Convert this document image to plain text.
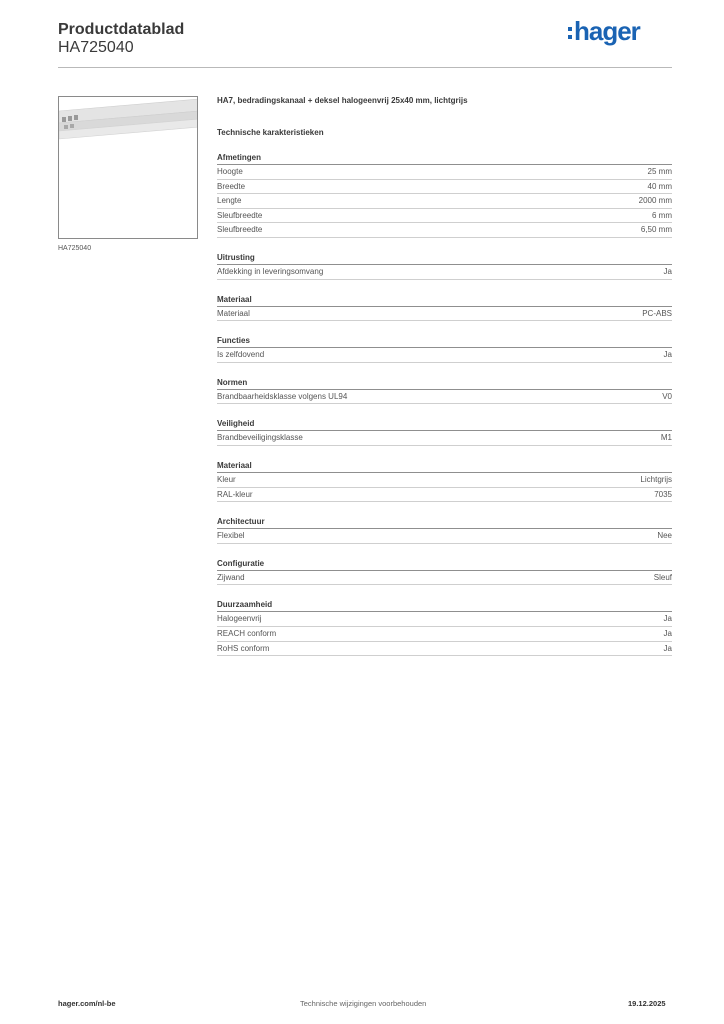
Productdatablad
HA725040
hager
HA725040
HA7, bedradingskanaal + deksel halogeenvrij 25x40 mm, lichtgrijs
Technische karakteristieken
Afmetingen
Hoogte	25 mm
Breedte	40 mm
Lengte	2000 mm
Sleufbreedte	6 mm
Sleufbreedte	6,50 mm
Uitrusting
Afdekking in leveringsomvang	Ja
Materiaal
Materiaal	PC-ABS
Functies
Is zelfdovend	Ja
Normen
Brandbaarheidsklasse volgens UL94	V0
Veiligheid
Brandbeveiligingsklasse	M1
Materiaal
Kleur	Lichtgrijs
RAL-kleur	7035
Architectuur
Flexibel	Nee
Configuratie
Zijwand	Sleuf
Duurzaamheid
Halogeenvrij	Ja
REACH conform	Ja
RoHS conform	Ja
hager.com/nl-be	Technische wijzigingen voorbehouden	19.12.2025
